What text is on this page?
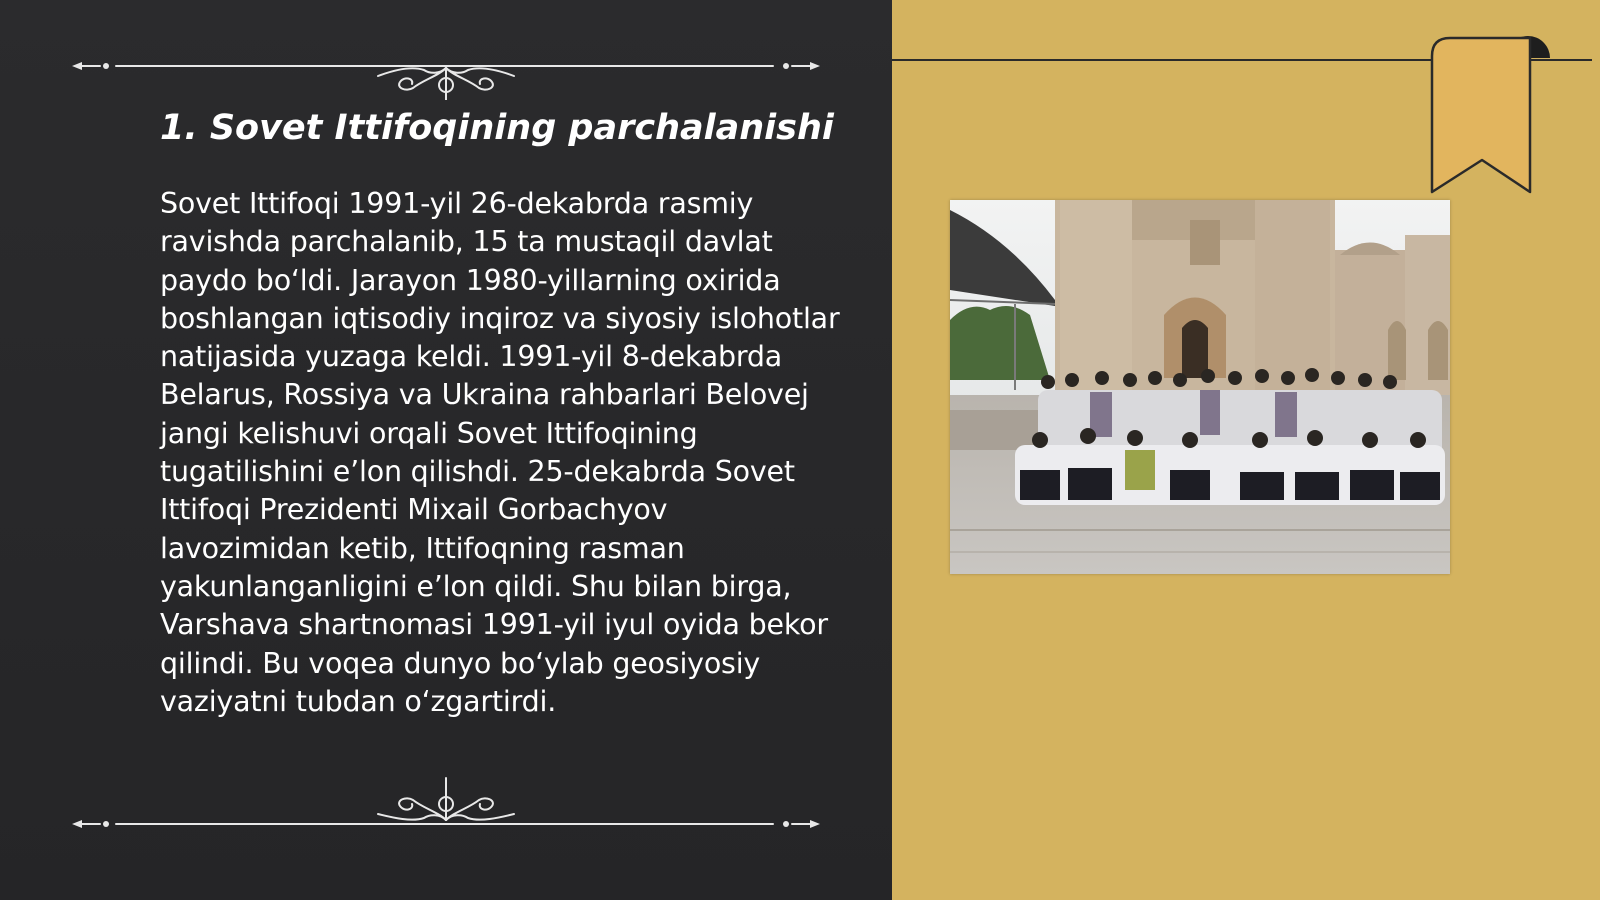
1. Sovet Ittifoqining parchalanishi

Sovet Ittifoqi 1991-yil 26-dekabrda rasmiy ravishda parchalanib, 15 ta mustaqil davlat paydo bo‘ldi. Jarayon 1980-yillarning oxirida boshlangan iqtisodiy inqiroz va siyosiy islohotlar natijasida yuzaga keldi. 1991-yil 8-dekabrda Belarus, Rossiya va Ukraina rahbarlari Belovej jangi kelishuvi orqali Sovet Ittifoqining tugatilishini e’lon qilishdi. 25-dekabrda Sovet Ittifoqi Prezidenti Mixail Gorbachyov lavozimidan ketib, Ittifoqning rasman yakunlanganligini e’lon qildi. Shu bilan birga, Varshava shartnomasi 1991-yil iyul oyida bekor qilindi. Bu voqea dunyo bo‘ylab geosiyosiy vaziyatni tubdan o‘zgartirdi.
